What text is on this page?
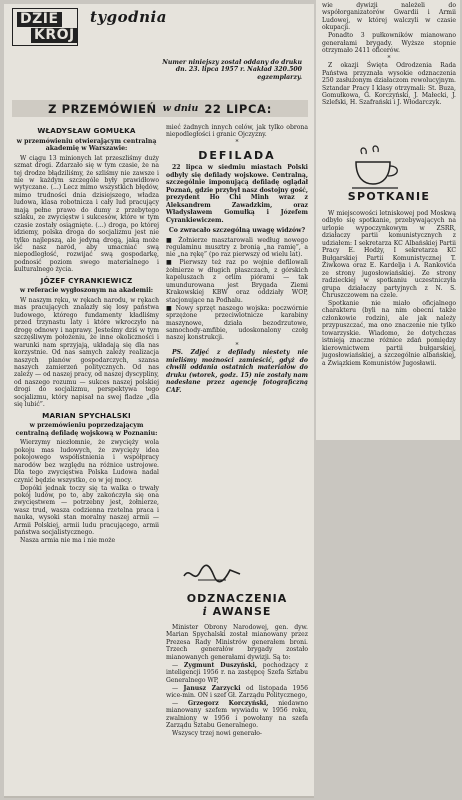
DZIE
KRÓJ
tygodnia
Numer niniejszy został oddany do druku dn. 23. lipca 1957 r. Nakład 320.500 egzemplarzy.
Z PRZEMÓWIEŃ w dniu 22 LIPCA:
WŁADYSŁAW GOMUŁKA
w przemówieniu otwierającym centralną akademię w Warszawie:

W ciągu 13 minionych lat przeszliśmy duży szmat drogi. Zdarzało się w tym czasie, że na tej drodze błądziliśmy, że szliśmy nie zawsze i nie w każdym szczególe były prawidłowo wytyczane. (...) Lecz mimo wszystkich błędów, mimo trudności dnia dzisiejszego, władza ludowa, klasa robotnicza i cały lud pracujący mają pełne prawo do dumy z przebytego szlaku, ze zwycięstw i sukcesów, które w tym czasie zostały osiągnięte. (...) droga, po której idziemy, polska droga do socjalizmu jest nie tylko najlepszą, ale jedyną drogą, jaką może iść nasz naród, aby umacniać swą niepodległość, rozwijać swą gospodarkę, podnosić poziom swego materialnego i kulturalnego życia.

JÓZEF CYRANKIEWICZ
w referacie wygłoszonym na akademii:

W naszym ręku, w rękach narodu, w rękach mas pracujących znalazły się losy państwa ludowego, którego fundamenty kładliśmy przed trzynastu laty i które wkroczyło na drogę odnowy i naprawy. Jesteśmy dziś w tym szczęśliwym położeniu, że inne okoliczności i warunki nam sprzyjają, układają się dla nas korzystnie. Od nas samych zależy realizacja naszych planów gospodarczych, szansa naszych zamierzeń politycznych. Od nas zależy — od naszej pracy, od naszej dyscypliny, od naszego rozumu — sukces naszej polskiej drogi do socjalizmu, perspektywa tego socjalizmu, który napisał na swej fladze „dla się lubić”.

MARIAN SPYCHALSKI
w przemówieniu poprzedzającym centralną defiladę wojskową w Poznaniu:

Wierzymy niezłomnie, że zwycięży wola pokoju mas ludowych, że zwycięży idea pokojowego współistnienia i współpracy narodów bez względu na różnice ustrojowe. Dla tego zwycięstwa Polska Ludowa nadal czynić będzie wszystko, co w jej mocy.

Dopóki jednak toczy się ta walka o trwały pokój ludów, po to, aby zakończyła się ona zwycięstwem — potrzebny jest, żołnierze, wasz trud, wasza codzienna rzetelna praca i nauka, wysoki stan moralny naszej armii — Armii Polskiej, armii ludu pracującego, armii państwa socjalistycznego.

Nasza armia nie ma i nie może

mieć żadnych innych celów, jak tylko obrona niepodległości i granic Ojczyzny.

*
DEFILADA

22 lipca w siedmiu miastach Polski odbyły się defilady wojskowe. Centralną, szczególnie imponującą defiladę oglądał Poznań, gdzie przybył nasz dostojny gość, prezydent Ho Chi Minh wraz z Aleksandrem Zawadzkim, oraz Władysławem Gomułką i Józefem Cyrankiewiczem.

Co zwracało szczególną uwagę widzów?

■ Żołnierze masztarowali według nowego regulaminu musztry z bronią „na ramię”, a nie „na rękę” (po raz pierwszy od wielu lat).

■ Pierwszy też raz po wojnie defilowali żołnierze w długich płaszczach, z górskich kapeluszach z orlim piórami — tak umundurowana jest Brygada Ziemi Krakowskiej KBW oraz oddziały WOP, stacjonujące na Podhalu.

■ Nowy sprzęt naszego wojska: poczwórnie sprzężone przeciwlotnicze karabiny maszynowe, działa bezodrzutowe, samochody-amfibie, udoskonalony czołg naszej konstrukcji.

*

PS. Zdjęć z defilady niestety nie mieliśmy możności zamieścić, gdyż do chwili oddania ostatnich materiałów do druku (wtorek, godz. 15) nie zostały nam nadesłane przez agencję fotograficzną CAF.

ODZNACZENIA
i AWANSE

Minister Obrony Narodowej, gen. dyw. Marian Spychalski został mianowany przez Prezesa Rady Ministrów generałem broni. Trzech generałów brygady zostało mianowanych generałami dywizji. Są to:

— Zygmunt Duszyński, pochodzący z inteligencji 1956 r. na zastępcę Szefa Sztabu Generalnego WP,

— Janusz Zarzycki od listopada 1956 wice-min. ON i szef Gł. Zarządu Politycznego,

— Grzegorz Korczyński, niedawno mianowany szefem wywiadu w 1956 roku, zwalniony w 1956 i powołany na szefa Zarządu Sztabu Generalnego.

Wszyscy trzej nowi generało-

wie dywizji należeli do współorganizatorów Gwardii i Armii Ludowej, w której walczyli w czasie okupacji.

Ponadto 3 pułkowników mianowano generałami brygady. Wyższe stopnie otrzymało 2411 oficerów.

*

Z okazji Święta Odrodzenia Rada Państwa przyznała wysokie odznaczenia 250 zasłużonym działaczom rewolucyjnym. Sztandar Pracy I klasy otrzymali: St. Buza, Gomułkowa, G. Korczyński, J. Małecki, J. Szlefski, H. Szafrański i J. Włodarczyk.

SPOTKANIE

W miejscowości letniskowej pod Moskwą odbyło się spotkanie, przebywających na urlopie wypoczynkowym w ZSRR, działaczy partii komunistycznych z udziałem: I sekretarza KC Albańskiej Partii Pracy E. Hodży, I sekretarza KC Bułgarskiej Partii Komunistycznej T. Żiwkowa oraz E. Kardelja i A. Rankovića ze strony jugosłowiańskiej. Ze strony radzieckiej w spotkaniu uczestniczyła grupa działaczy partyjnych z N. S. Chruszczowem na czele.

Spotkanie nie miało oficjalnego charakteru (byli na nim obecni także członkowie rodzin), ale jak należy przypuszczać, ma ono znaczenie nie tylko towarzyskie. Wiadomo, że dotychczas istnieją znaczne różnice zdań pomiędzy kierownictwem partii bułgarskiej, jugosłowiańskiej, a szczególnie albańskiej, a Związkiem Komunistów Jugosławii.
